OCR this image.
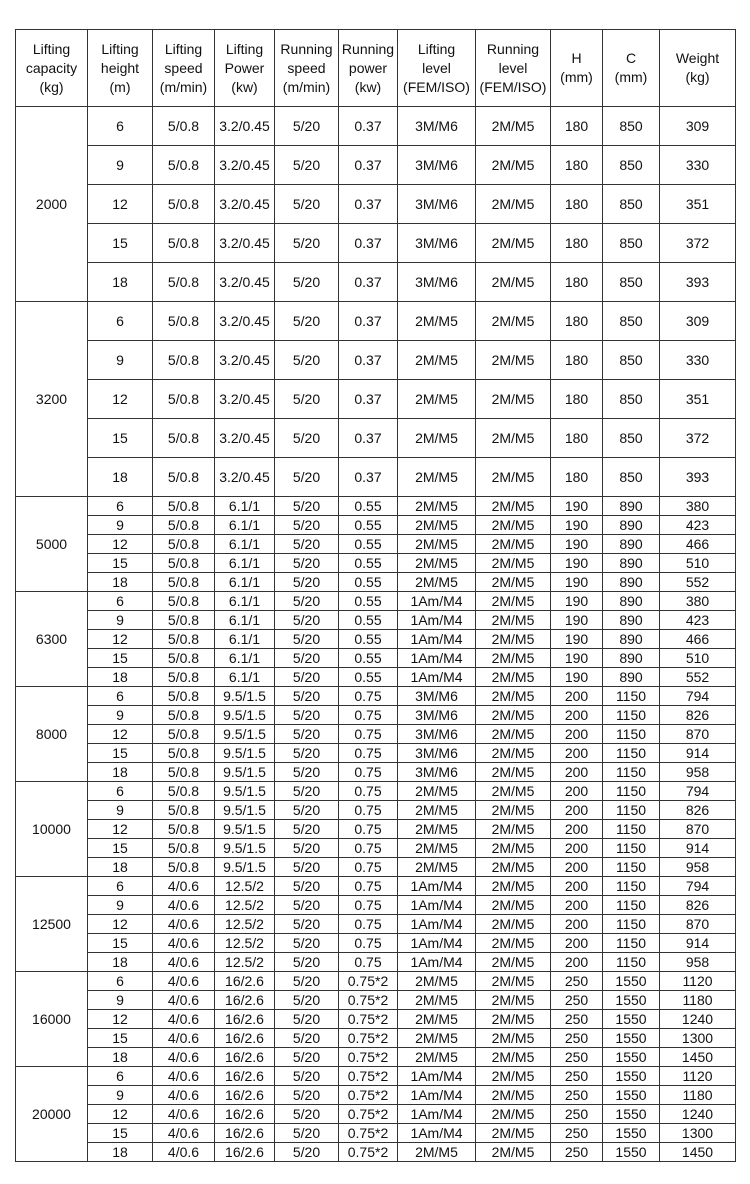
Lifting
capacity
(kg)	Lifting
height
(m)	Lifting
speed
(m/min)	Lifting
Power
(kw)	Running
speed
(m/min)	Running
power
(kw)	Lifting
level
(FEM/ISO)	Running
level
(FEM/ISO)	H
(mm)	C
(mm)	Weight
(kg)
2000	6	5/0.8	3.2/0.45	5/20	0.37	3M/M6	2M/M5	180	850	309
	9	5/0.8	3.2/0.45	5/20	0.37	3M/M6	2M/M5	180	850	330
	12	5/0.8	3.2/0.45	5/20	0.37	3M/M6	2M/M5	180	850	351
	15	5/0.8	3.2/0.45	5/20	0.37	3M/M6	2M/M5	180	850	372
	18	5/0.8	3.2/0.45	5/20	0.37	3M/M6	2M/M5	180	850	393
3200	6	5/0.8	3.2/0.45	5/20	0.37	2M/M5	2M/M5	180	850	309
	9	5/0.8	3.2/0.45	5/20	0.37	2M/M5	2M/M5	180	850	330
	12	5/0.8	3.2/0.45	5/20	0.37	2M/M5	2M/M5	180	850	351
	15	5/0.8	3.2/0.45	5/20	0.37	2M/M5	2M/M5	180	850	372
	18	5/0.8	3.2/0.45	5/20	0.37	2M/M5	2M/M5	180	850	393
5000	6	5/0.8	6.1/1	5/20	0.55	2M/M5	2M/M5	190	890	380
	9	5/0.8	6.1/1	5/20	0.55	2M/M5	2M/M5	190	890	423
	12	5/0.8	6.1/1	5/20	0.55	2M/M5	2M/M5	190	890	466
	15	5/0.8	6.1/1	5/20	0.55	2M/M5	2M/M5	190	890	510
	18	5/0.8	6.1/1	5/20	0.55	2M/M5	2M/M5	190	890	552
6300	6	5/0.8	6.1/1	5/20	0.55	1Am/M4	2M/M5	190	890	380
	9	5/0.8	6.1/1	5/20	0.55	1Am/M4	2M/M5	190	890	423
	12	5/0.8	6.1/1	5/20	0.55	1Am/M4	2M/M5	190	890	466
	15	5/0.8	6.1/1	5/20	0.55	1Am/M4	2M/M5	190	890	510
	18	5/0.8	6.1/1	5/20	0.55	1Am/M4	2M/M5	190	890	552
8000	6	5/0.8	9.5/1.5	5/20	0.75	3M/M6	2M/M5	200	1150	794
	9	5/0.8	9.5/1.5	5/20	0.75	3M/M6	2M/M5	200	1150	826
	12	5/0.8	9.5/1.5	5/20	0.75	3M/M6	2M/M5	200	1150	870
	15	5/0.8	9.5/1.5	5/20	0.75	3M/M6	2M/M5	200	1150	914
	18	5/0.8	9.5/1.5	5/20	0.75	3M/M6	2M/M5	200	1150	958
10000	6	5/0.8	9.5/1.5	5/20	0.75	2M/M5	2M/M5	200	1150	794
	9	5/0.8	9.5/1.5	5/20	0.75	2M/M5	2M/M5	200	1150	826
	12	5/0.8	9.5/1.5	5/20	0.75	2M/M5	2M/M5	200	1150	870
	15	5/0.8	9.5/1.5	5/20	0.75	2M/M5	2M/M5	200	1150	914
	18	5/0.8	9.5/1.5	5/20	0.75	2M/M5	2M/M5	200	1150	958
12500	6	4/0.6	12.5/2	5/20	0.75	1Am/M4	2M/M5	200	1150	794
	9	4/0.6	12.5/2	5/20	0.75	1Am/M4	2M/M5	200	1150	826
	12	4/0.6	12.5/2	5/20	0.75	1Am/M4	2M/M5	200	1150	870
	15	4/0.6	12.5/2	5/20	0.75	1Am/M4	2M/M5	200	1150	914
	18	4/0.6	12.5/2	5/20	0.75	1Am/M4	2M/M5	200	1150	958
16000	6	4/0.6	16/2.6	5/20	0.75*2	2M/M5	2M/M5	250	1550	1120
	9	4/0.6	16/2.6	5/20	0.75*2	2M/M5	2M/M5	250	1550	1180
	12	4/0.6	16/2.6	5/20	0.75*2	2M/M5	2M/M5	250	1550	1240
	15	4/0.6	16/2.6	5/20	0.75*2	2M/M5	2M/M5	250	1550	1300
	18	4/0.6	16/2.6	5/20	0.75*2	2M/M5	2M/M5	250	1550	1450
20000	6	4/0.6	16/2.6	5/20	0.75*2	1Am/M4	2M/M5	250	1550	1120
	9	4/0.6	16/2.6	5/20	0.75*2	1Am/M4	2M/M5	250	1550	1180
	12	4/0.6	16/2.6	5/20	0.75*2	1Am/M4	2M/M5	250	1550	1240
	15	4/0.6	16/2.6	5/20	0.75*2	1Am/M4	2M/M5	250	1550	1300
	18	4/0.6	16/2.6	5/20	0.75*2	2M/M5	2M/M5	250	1550	1450
